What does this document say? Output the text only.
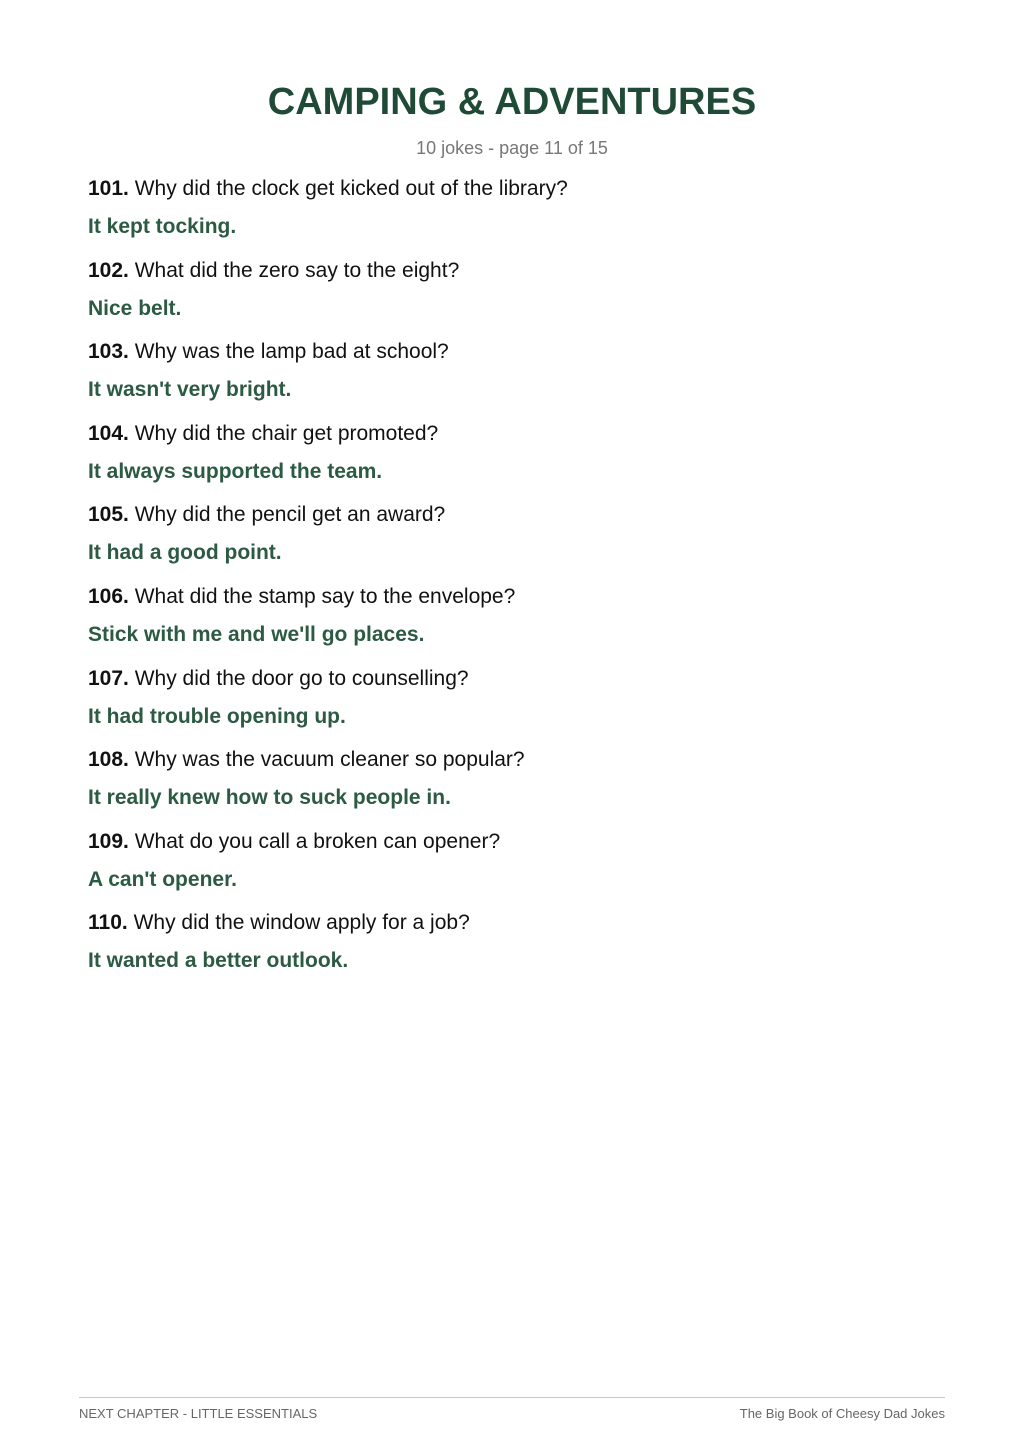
CAMPING & ADVENTURES
10 jokes - page 11 of 15
101. Why did the clock get kicked out of the library?
It kept tocking.
102. What did the zero say to the eight?
Nice belt.
103. Why was the lamp bad at school?
It wasn't very bright.
104. Why did the chair get promoted?
It always supported the team.
105. Why did the pencil get an award?
It had a good point.
106. What did the stamp say to the envelope?
Stick with me and we'll go places.
107. Why did the door go to counselling?
It had trouble opening up.
108. Why was the vacuum cleaner so popular?
It really knew how to suck people in.
109. What do you call a broken can opener?
A can't opener.
110. Why did the window apply for a job?
It wanted a better outlook.
NEXT CHAPTER - LITTLE ESSENTIALS	The Big Book of Cheesy Dad Jokes
